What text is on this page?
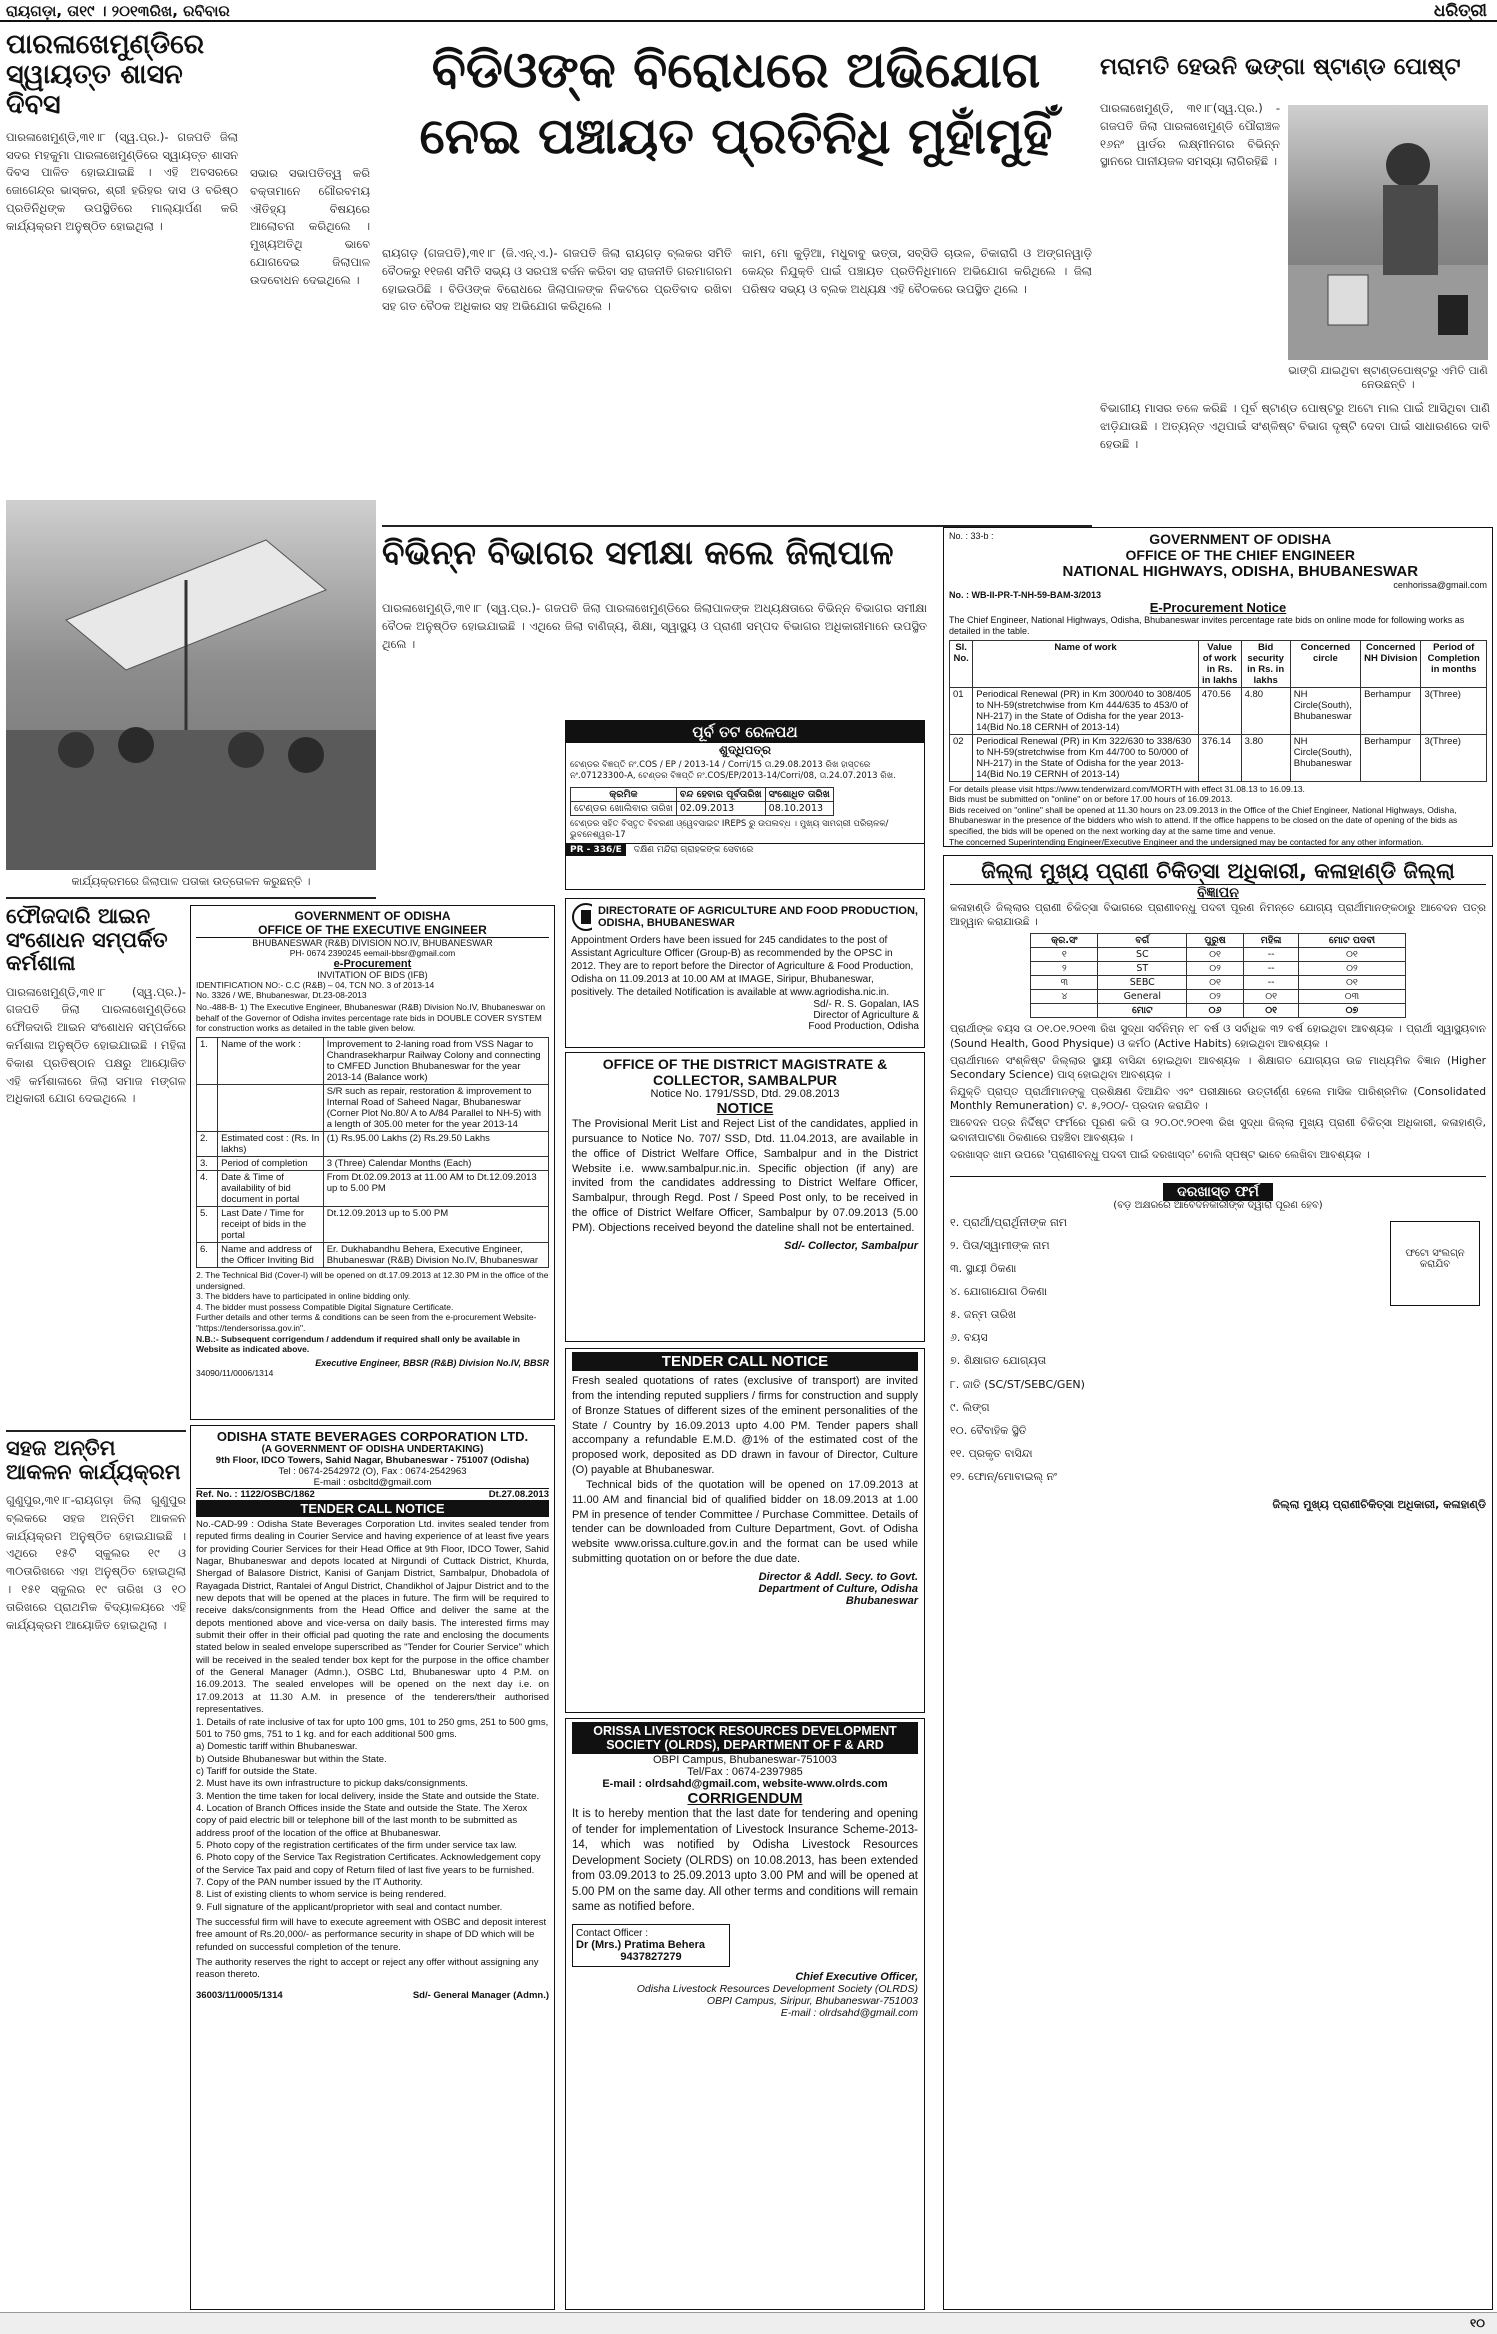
ରାୟଗଡ଼ା, ତା୧୯ । ୨୦୧୩ରିଖ, ରବିବାର	ଧରିତ୍ରୀ
ପାରଳାଖେମୁଣ୍ଡିରେ ସ୍ୱାୟତ୍ତ ଶାସନ ଦିବସ
ପାରଳାଖେମୁଣ୍ଡି,୩୧।୮ (ସ୍ୱ.ପ୍ର.)- ଗଜପତି ଜିଲା ସଦର ମହକୁମା ପାରଳାଖେମୁଣ୍ଡିରେ ସ୍ୱାୟତ୍ତ ଶାସନ ଦିବସ ପାଳିତ ହୋଇଯାଇଛି । ଏହି ଅବସରରେ ଜୋଗେନ୍ଦ୍ର ଭାସ୍କର, ଶ୍ରୀ ହରିହର ଦାସ ଓ ବରିଷ୍ଠ ପ୍ରତିନିଧିଙ୍କ ଉପସ୍ଥିତିରେ ମାଲ୍ୟାର୍ପଣ କରି କାର୍ଯ୍ୟକ୍ରମ ଅନୁଷ୍ଠିତ ହୋଇଥିଲା ।
ସଭାର ସଭାପତିତ୍ୱ କରି ବକ୍ତାମାନେ ଗୌରବମୟ ଐତିହ୍ୟ ବିଷୟରେ ଆଲୋଚନା କରିଥିଲେ । ମୁଖ୍ୟଅତିଥି ଭାବେ ଯୋଗଦେଇ ଜିଲାପାଳ ଉଦବୋଧନ ଦେଇଥିଲେ ।
କାର୍ଯ୍ୟକ୍ରମରେ ଜିଲାପାଳ ପତାକା ଉତ୍ତୋଳନ କରୁଛନ୍ତି ।
ଫୌଜଦାରି ଆଇନ ସଂଶୋଧନ ସମ୍ପର୍କିତ କର୍ମଶାଳା
ପାରଳାଖେମୁଣ୍ଡି,୩୧।୮ (ସ୍ୱ.ପ୍ର.)- ଗଜପତି ଜିଲା ପାରଳାଖେମୁଣ୍ଡିରେ ଫୌଜଦାରି ଆଇନ ସଂଶୋଧନ ସମ୍ପର୍କରେ କର୍ମଶାଳା ଅନୁଷ୍ଠିତ ହୋଇଯାଇଛି । ମହିଳା ବିକାଶ ପ୍ରତିଷ୍ଠାନ ପକ୍ଷରୁ ଆୟୋଜିତ ଏହି କର୍ମଶାଳାରେ ଜିଲା ସମାଜ ମଙ୍ଗଳ ଅଧିକାରୀ ଯୋଗ ଦେଇଥିଲେ ।
ସହଜ ଅନ୍ତିମ ଆକଳନ କାର୍ଯ୍ୟକ୍ରମ
ଗୁଣୁପୁର,୩୧।୮-ରାୟଗଡ଼ା ଜିଲା ଗୁଣୁପୁର ବ୍ଲକରେ ସହଜ ଅନ୍ତିମ ଆକଳନ କାର୍ଯ୍ୟକ୍ରମ ଅନୁଷ୍ଠିତ ହୋଇଯାଇଛି । ଏଥିରେ ୧୫ଟି ସ୍କୁଲର ୧୯ ଓ ୩୦ତାରିଖରେ ଏହା ଅନୁଷ୍ଠିତ ହୋଇଥିଲା । ୧୫୧ ସ୍କୁଲର ୧୯ ତାରିଖ ଓ ୧୦ ତାରିଖରେ ପ୍ରାଥମିକ ବିଦ୍ୟାଳୟରେ ଏହି କାର୍ଯ୍ୟକ୍ରମ ଆୟୋଜିତ ହୋଇଥିଲା ।
ବିଡିଓଙ୍କ ବିରୋଧରେ ଅଭିଯୋଗ
ନେଇ ପଞ୍ଚାୟତ ପ୍ରତିନିଧି ମୁହାଁମୁହିଁ
ରାୟଗଡ଼ (ଗଜପତି),୩୧।୮ (ଜି.ଏନ୍.ଏ.)- ଗଜପତି ଜିଲା ରାୟଗଡ଼ ବ୍ଲକର ସମିତି ବୈଠକରୁ ୧୧ଜଣ ସମିତି ସଭ୍ୟ ଓ ସରପଞ୍ଚ ବର୍ଜନ କରିବା ସହ ରାଜନୀତି ଗରମାଗରମ ହୋଇଉଠିଛି । ବିଡିଓଙ୍କ ବିରୋଧରେ ଜିଲାପାଳଙ୍କ ନିକଟରେ ପ୍ରତିବାଦ ରଖିବା ସହ ଗତ ବୈଠକ ଅଧିକାର ସହ ଅଭିଯୋଗ କରିଥିଲେ ।
କାମ, ମୋ କୁଡ଼ିଆ, ମଧୁବାବୁ ଭତ୍ତା, ସବ୍‌ସିଡି ଚାଉଳ, ଚିକାରାଗି ଓ ଅଙ୍ଗନୱାଡ଼ି କେନ୍ଦ୍ର ନିଯୁକ୍ତି ପାଇଁ ପଞ୍ଚାୟତ ପ୍ରତିନିଧିମାନେ ଅଭିଯୋଗ କରିଥିଲେ । ଜିଲା ପରିଷଦ ସଭ୍ୟ ଓ ବ୍ଲକ ଅଧ୍ୟକ୍ଷ ଏହି ବୈଠକରେ ଉପସ୍ଥିତ ଥିଲେ ।
ବିଭିନ୍ନ ବିଭାଗର ସମୀକ୍ଷା କଲେ ଜିଲାପାଳ
ପାରଳାଖେମୁଣ୍ଡି,୩୧।୮ (ସ୍ୱ.ପ୍ର.)- ଗଜପତି ଜିଲା ପାରଳାଖେମୁଣ୍ଡିରେ ଜିଲାପାଳଙ୍କ ଅଧ୍ୟକ୍ଷତାରେ ବିଭିନ୍ନ ବିଭାଗର ସମୀକ୍ଷା ବୈଠକ ଅନୁଷ୍ଠିତ ହୋଇଯାଇଛି । ଏଥିରେ ଜିଲା ବାଣିଜ୍ୟ, ଶିକ୍ଷା, ସ୍ୱାସ୍ଥ୍ୟ ଓ ପ୍ରାଣୀ ସମ୍ପଦ ବିଭାଗର ଅଧିକାରୀମାନେ ଉପସ୍ଥିତ ଥିଲେ ।
ପୂର୍ବ ତଟ ରେଳପଥ
ଶୁଦ୍ଧିପତ୍ର
ଟେଣ୍ଡର ବିଜ୍ଞପ୍ତି ନଂ.COS / EP / 2013-14 / Corri/15 ତା.29.08.2013 ରିଖ ହାସ୍ତରେ ନଂ.07123300-A, ଟେଣ୍ଡର ବିଜ୍ଞପ୍ତି ନଂ.COS/EP/2013-14/Corri/08, ତା.24.07.2013 ରିଖ.
କ୍ରମିକ	ବନ୍ଦ ହେବାର ପୂର୍ବତାରିଖ	ସଂଶୋଧିତ ତାରିଖ
ଟେଣ୍ଡର ଖୋଲିବାର ତାରିଖ	02.09.2013	08.10.2013
ଟେଣ୍ଡର ସହିତ ବିସ୍ତୃତ ବିବରଣୀ ଓ୍ୱେବସାଇଟ IREPS ରୁ ଉପଲବ୍ଧ । ମୁଖ୍ୟ ସାମଗ୍ରୀ ପରିଚାଳକ/ଭୁବନେଶ୍ୱର-17
PR - 336/E	ଦକ୍ଷିଣ ମନ୍ଦିରା ଗ୍ରାହକଙ୍କ ସେବାରେ
ମରାମତି ହେଉନି ଭଙ୍ଗା ଷ୍ଟାଣ୍ଡ ପୋଷ୍ଟ
ପାରଳାଖେମୁଣ୍ଡି, ୩୧।୮(ସ୍ୱ.ପ୍ର.) - ଗଜପତି ଜିଲା ପାରଳାଖେମୁଣ୍ଡି ପୌରାଞ୍ଚଳ ୧୬ନଂ ୱାର୍ଡର ଲକ୍ଷ୍ମୀନଗର ବିଭିନ୍ନ ସ୍ଥାନରେ ପାନୀୟଜଳ ସମସ୍ୟା ଲାଗିରହିଛି ।
ଭାଙ୍ଗି ଯାଇଥିବା ଷ୍ଟାଣ୍ଡପୋଷ୍ଟରୁ ଏମିତି ପାଣି ନେଉଛନ୍ତି ।
ବିଭାଗୀୟ ମାସର ତଳେ କରିଛି । ପୂର୍ବ ଷ୍ଟାଣ୍ଡ ପୋଷ୍ଟରୁ ଅଟୋ ମାଲ ପାଇଁ ଆସିଥିବା ପାଣି ଝାଡ଼ିଯାଉଛି । ଅତ୍ୟନ୍ତ ଏଥିପାଇଁ ସଂଶ୍ଳିଷ୍ଟ ବିଭାଗ ଦୃଷ୍ଟି ଦେବା ପାଇଁ ସାଧାରଣରେ ଦାବି ହେଉଛି ।
No. : 33-b :	GOVERNMENT OF ODISHA
OFFICE OF THE CHIEF ENGINEER
NATIONAL HIGHWAYS, ODISHA, BHUBANESWAR
cenhorissa@gmail.com
No. : WB-II-PR-T-NH-59-BAM-3/2013
E-Procurement Notice
The Chief Engineer, National Highways, Odisha, Bhubaneswar invites percentage rate bids on online mode for following works as detailed in the table.
Sl. No.	Name of work	Value of work in Rs. in lakhs	Bid security in Rs. in lakhs	Concerned circle	Concerned NH Division	Period of Completion in months
01	Periodical Renewal (PR) in Km 300/040 to 308/405 to NH-59(stretchwise from Km 444/635 to 453/0 of NH-217) in the State of Odisha for the year 2013-14(Bid No.18 CERNH of 2013-14)	470.56	4.80	NH Circle(South), Bhubaneswar	Berhampur	3(Three)
02	Periodical Renewal (PR) in Km 322/630 to 338/630 to NH-59(stretchwise from Km 44/700 to 50/000 of NH-217) in the State of Odisha for the year 2013-14(Bid No.19 CERNH of 2013-14)	376.14	3.80	NH Circle(South), Bhubaneswar	Berhampur	3(Three)
For details please visit https://www.tenderwizard.com/MORTH with effect 31.08.13 to 16.09.13.
Bids must be submitted on "online" on or before 17.00 hours of 16.09.2013.
Bids received on "online" shall be opened at 11.30 hours on 23.09.2013 in the Office of the Chief Engineer, National Highways, Odisha, Bhubaneswar in the presence of the bidders who wish to attend. If the office happens to be closed on the date of opening of the bids as specified, the bids will be opened on the next working day at the same time and venue.
The concerned Superintending Engineer/Executive Engineer and the undersigned may be contacted for any other information.
GOVERNMENT OF ODISHA
OFFICE OF THE EXECUTIVE ENGINEER
BHUBANESWAR (R&B) DIVISION NO.IV, BHUBANESWAR
PH- 0674 2390245 eemail-bbsr@gmail.com
e-Procurement
INVITATION OF BIDS (IFB)
IDENTIFICATION NO:- C.C (R&B) – 04, TCN NO. 3 of 2013-14
No. 3326 / WE, Bhubaneswar, Dt.23-08-2013
No.-488-B- 1) The Executive Engineer, Bhubaneswar (R&B) Division No.IV, Bhubaneswar on behalf of the Governor of Odisha invites percentage rate bids in DOUBLE COVER SYSTEM for construction works as detailed in the table given below.
1.	Name of the work :	Improvement to 2-laning road from VSS Nagar to Chandrasekharpur Railway Colony and connecting to CMFED Junction Bhubaneswar for the year 2013-14 (Balance work)
		S/R such as repair, restoration & improvement to Internal Road of Saheed Nagar, Bhubaneswar (Corner Plot No.80/ A to A/84 Parallel to NH-5) with a length of 305.00 meter for the year 2013-14
2.	Estimated cost : (Rs. In lakhs)	(1) Rs.95.00 Lakhs (2) Rs.29.50 Lakhs
3.	Period of completion	3 (Three) Calendar Months (Each)
4.	Date & Time of availability of bid document in portal	From Dt.02.09.2013 at 11.00 AM to Dt.12.09.2013 up to 5.00 PM
5.	Last Date / Time for receipt of bids in the portal	Dt.12.09.2013 up to 5.00 PM
6.	Name and address of the Officer Inviting Bid	Er. Dukhabandhu Behera, Executive Engineer, Bhubaneswar (R&B) Division No.IV, Bhubaneswar
2. The Technical Bid (Cover-I) will be opened on dt.17.09.2013 at 12.30 PM in the office of the undersigned.
3. The bidders have to participated in online bidding only.
4. The bidder must possess Compatible Digital Signature Certificate.
Further details and other terms & conditions can be seen from the e-procurement Website- "https://tendersorissa.gov.in".
N.B.:- Subsequent corrigendum / addendum if required shall only be available in Website as indicated above.
Executive Engineer, BBSR (R&B) Division No.IV, BBSR
34090/11/0006/1314
ODISHA STATE BEVERAGES CORPORATION LTD.
(A GOVERNMENT OF ODISHA UNDERTAKING)
9th Floor, IDCO Towers, Sahid Nagar, Bhubaneswar - 751007 (Odisha)
Tel : 0674-2542972 (O), Fax : 0674-2542963
E-mail : osbcltd@gmail.com
Ref. No. : 1122/OSBC/1862	Dt.27.08.2013
TENDER CALL NOTICE
No.-CAD-99 : Odisha State Beverages Corporation Ltd. invites sealed tender from reputed firms dealing in Courier Service and having experience of at least five years for providing Courier Services for their Head Office at 9th Floor, IDCO Tower, Sahid Nagar, Bhubaneswar and depots located at Nirgundi of Cuttack District, Khurda, Shergad of Balasore District, Kanisi of Ganjam District, Sambalpur, Dhobadola of Rayagada District, Rantalei of Angul District, Chandikhol of Jajpur District and to the new depots that will be opened at the places in future. The firm will be required to receive daks/consignments from the Head Office and deliver the same at the depots mentioned above and vice-versa on daily basis. The interested firms may submit their offer in their official pad quoting the rate and enclosing the documents stated below in sealed envelope superscribed as "Tender for Courier Service" which will be received in the sealed tender box kept for the purpose in the office chamber of the General Manager (Admn.), OSBC Ltd, Bhubaneswar upto 4 P.M. on 16.09.2013. The sealed envelopes will be opened on the next day i.e. on 17.09.2013 at 11.30 A.M. in presence of the tenderers/their authorised representatives.
1. Details of rate inclusive of tax for upto 100 gms, 101 to 250 gms, 251 to 500 gms, 501 to 750 gms, 751 to 1 kg. and for each additional 500 gms.
a) Domestic tariff within Bhubaneswar.
b) Outside Bhubaneswar but within the State.
c) Tariff for outside the State.
2. Must have its own infrastructure to pickup daks/consignments.
3. Mention the time taken for local delivery, inside the State and outside the State.
4. Location of Branch Offices inside the State and outside the State. The Xerox copy of paid electric bill or telephone bill of the last month to be submitted as address proof of the location of the office at Bhubaneswar.
5. Photo copy of the registration certificates of the firm under service tax law.
6. Photo copy of the Service Tax Registration Certificates. Acknowledgement copy of the Service Tax paid and copy of Return filed of last five years to be furnished.
7. Copy of the PAN number issued by the IT Authority.
8. List of existing clients to whom service is being rendered.
9. Full signature of the applicant/proprietor with seal and contact number.
The successful firm will have to execute agreement with OSBC and deposit interest free amount of Rs.20,000/- as performance security in shape of DD which will be refunded on successful completion of the tenure.
The authority reserves the right to accept or reject any offer without assigning any reason thereto.
36003/11/0005/1314	Sd/- General Manager (Admn.)
DIRECTORATE OF AGRICULTURE AND FOOD PRODUCTION, ODISHA, BHUBANESWAR
Appointment Orders have been issued for 245 candidates to the post of Assistant Agriculture Officer (Group-B) as recommended by the OPSC in 2012. They are to report before the Director of Agriculture & Food Production, Odisha on 11.09.2013 at 10.00 AM at IMAGE, Siripur, Bhubaneswar, positively. The detailed Notification is available at www.agriodisha.nic.in.
Sd/- R. S. Gopalan, IAS
Director of Agriculture &
Food Production, Odisha
OFFICE OF THE DISTRICT MAGISTRATE & COLLECTOR, SAMBALPUR
Notice No. 1791/SSD, Dtd. 29.08.2013
NOTICE
The Provisional Merit List and Reject List of the candidates, applied in pursuance to Notice No. 707/ SSD, Dtd. 11.04.2013, are available in the office of District Welfare Office, Sambalpur and in the District Website i.e. www.sambalpur.nic.in. Specific objection (if any) are invited from the candidates addressing to District Welfare Officer, Sambalpur, through Regd. Post / Speed Post only, to be received in the office of District Welfare Officer, Sambalpur by 07.09.2013 (5.00 PM). Objections received beyond the dateline shall not be entertained.
Sd/- Collector, Sambalpur
TENDER CALL NOTICE
Fresh sealed quotations of rates (exclusive of transport) are invited from the intending reputed suppliers / firms for construction and supply of Bronze Statues of different sizes of the eminent personalities of the State / Country by 16.09.2013 upto 4.00 PM. Tender papers shall accompany a refundable E.M.D. @1% of the estimated cost of the proposed work, deposited as DD drawn in favour of Director, Culture (O) payable at Bhubaneswar.
Technical bids of the quotation will be opened on 17.09.2013 at 11.00 AM and financial bid of qualified bidder on 18.09.2013 at 1.00 PM in presence of tender Committee / Purchase Committee. Details of tender can be downloaded from Culture Department, Govt. of Odisha website www.orissa.culture.gov.in and the format can be used while submitting quotation on or before the due date.
Director & Addl. Secy. to Govt.
Department of Culture, Odisha
Bhubaneswar
ORISSA LIVESTOCK RESOURCES DEVELOPMENT SOCIETY (OLRDS), DEPARTMENT OF F & ARD
OBPI Campus, Bhubaneswar-751003
Tel/Fax : 0674-2397985
E-mail : olrdsahd@gmail.com, website-www.olrds.com
CORRIGENDUM
It is to hereby mention that the last date for tendering and opening of tender for implementation of Livestock Insurance Scheme-2013-14, which was notified by Odisha Livestock Resources Development Society (OLRDS) on 10.08.2013, has been extended from 03.09.2013 to 25.09.2013 upto 3.00 PM and will be opened at 5.00 PM on the same day. All other terms and conditions will remain same as notified before.
Contact Officer :
Dr (Mrs.) Pratima Behera
9437827279
Chief Executive Officer,
Odisha Livestock Resources Development Society (OLRDS)
OBPI Campus, Siripur, Bhubaneswar-751003
E-mail : olrdsahd@gmail.com
ଜିଲ୍ଲା ମୁଖ୍ୟ ପ୍ରାଣୀ ଚିକିତ୍ସା ଅଧିକାରୀ, କଳାହାଣ୍ଡି ଜିଲ୍ଲା
ବିଜ୍ଞାପନ
କଳାହାଣ୍ଡି ଜିଲ୍ଲାର ପ୍ରାଣୀ ଚିକିତ୍ସା ବିଭାଗରେ ପ୍ରାଣୀବନ୍ଧୁ ପଦବୀ ପୂରଣ ନିମନ୍ତେ ଯୋଗ୍ୟ ପ୍ରାର୍ଥୀମାନଙ୍କଠାରୁ ଆବେଦନ ପତ୍ର ଆହ୍ୱାନ କରାଯାଉଛି ।
କ୍ର.ସଂ	ବର୍ଗ	ପୁରୁଷ	ମହିଳା	ମୋଟ ପଦବୀ
୧	SC	୦୧	--	୦୧
୨	ST	୦୨	--	୦୨
୩	SEBC	୦୧	--	୦୧
୪	General	୦୨	୦୧	୦୩
	ମୋଟ	୦୬	୦୧	୦୭
ପ୍ରାର୍ଥୀଙ୍କ ବୟସ ତା ୦୧.୦୧.୨୦୧୩ ରିଖ ସୁଦ୍ଧା ସର୍ବନିମ୍ନ ୧୮ ବର୍ଷ ଓ ସର୍ବାଧିକ ୩୨ ବର୍ଷ ହୋଇଥିବା ଆବଶ୍ୟକ । ପ୍ରାର୍ଥୀ ସ୍ୱାସ୍ଥ୍ୟବାନ (Sound Health, Good Physique) ଓ କର୍ମଠ (Active Habits) ହୋଇଥିବା ଆବଶ୍ୟକ ।
ପ୍ରାର୍ଥୀମାନେ ସଂଶ୍ଳିଷ୍ଟ ଜିଲ୍ଲାର ସ୍ଥାୟୀ ବାସିନ୍ଦା ହୋଇଥିବା ଆବଶ୍ୟକ । ଶିକ୍ଷାଗତ ଯୋଗ୍ୟତା ଉଚ୍ଚ ମାଧ୍ୟମିକ ବିଜ୍ଞାନ (Higher Secondary Science) ପାସ୍ ହୋଇଥିବା ଆବଶ୍ୟକ ।
ନିଯୁକ୍ତି ପ୍ରାପ୍ତ ପ୍ରାର୍ଥୀମାନଙ୍କୁ ପ୍ରଶିକ୍ଷଣ ଦିଆଯିବ ଏବଂ ପରୀକ୍ଷାରେ ଉତ୍ତୀର୍ଣ୍ଣ ହେଲେ ମାସିକ ପାରିଶ୍ରମିକ (Consolidated Monthly Remuneration) ଟ. ୫,୨୦୦/- ପ୍ରଦାନ କରାଯିବ ।
ଆବେଦନ ପତ୍ର ନିର୍ଦ୍ଦିଷ୍ଟ ଫର୍ମରେ ପୂରଣ କରି ତା ୨୦.୦୯.୨୦୧୩ ରିଖ ସୁଦ୍ଧା ଜିଲ୍ଲା ମୁଖ୍ୟ ପ୍ରାଣୀ ଚିକିତ୍ସା ଅଧିକାରୀ, କଳାହାଣ୍ଡି, ଭବାନୀପାଟଣା ଠିକଣାରେ ପହଞ୍ଚିବା ଆବଶ୍ୟକ ।
ଦରଖାସ୍ତ ଖାମ ଉପରେ 'ପ୍ରାଣୀବନ୍ଧୁ ପଦବୀ ପାଇଁ ଦରଖାସ୍ତ' ବୋଲି ସ୍ପଷ୍ଟ ଭାବେ ଲେଖିବା ଆବଶ୍ୟକ ।
ଦରଖାସ୍ତ ଫର୍ମ
(ବଡ଼ ଅକ୍ଷରରେ ଆବେଦନକାରୀଙ୍କ ଦ୍ୱାରା ପୂରଣ ହେବ)
ଫଟୋ ସଂଲଗ୍ନ କରାଯିବ
୧. ପ୍ରାର୍ଥୀ/ପ୍ରାର୍ଥିନୀଙ୍କ ନାମ
୨. ପିତା/ସ୍ୱାମୀଙ୍କ ନାମ
୩. ସ୍ଥାୟୀ ଠିକଣା
୪. ଯୋଗାଯୋଗ ଠିକଣା
୫. ଜନ୍ମ ତାରିଖ
୬. ବୟସ
୭. ଶିକ୍ଷାଗତ ଯୋଗ୍ୟତା
୮. ଜାତି (SC/ST/SEBC/GEN)
୯. ଲିଙ୍ଗ
୧୦. ବୈବାହିକ ସ୍ଥିତି
୧୧. ପ୍ରକୃତ ବାସିନ୍ଦା
୧୨. ଫୋନ୍/ମୋବାଇଲ୍ ନଂ
ଜିଲ୍ଲା ମୁଖ୍ୟ ପ୍ରାଣୀଚିକିତ୍ସା ଅଧିକାରୀ, କଳାହାଣ୍ଡି
୧୦
